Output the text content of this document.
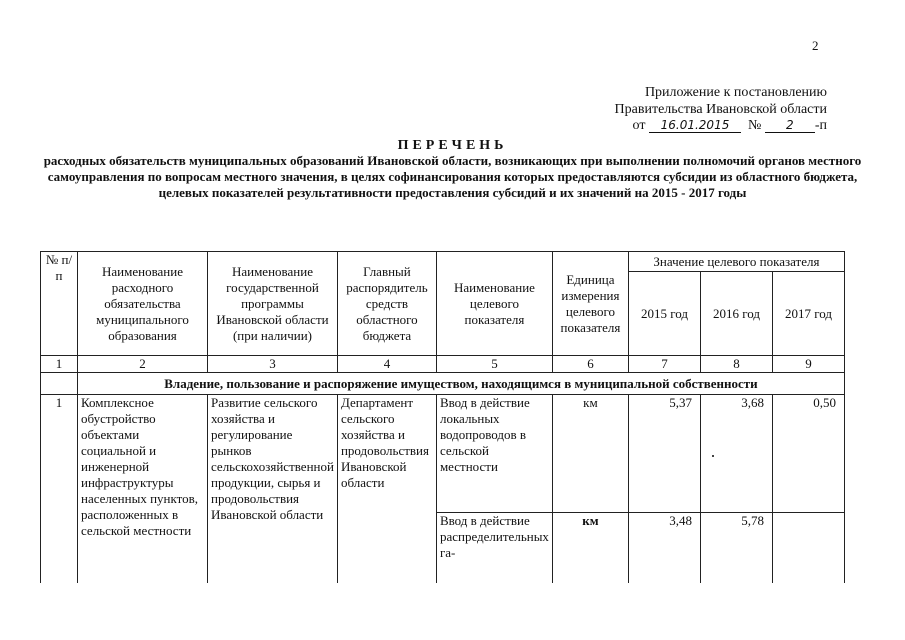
2
Приложение к постановлению
Правительства Ивановской области
от 16.01.2015 № 2 -п
ПЕРЕЧЕНЬ
расходных обязательств муниципальных образований Ивановской области, возникающих при выполнении полномочий органов местного самоуправления по вопросам местного значения, в целях софинансирования которых предоставляются субсидии из областного бюджета, целевых показателей результативности предоставления субсидий и их значений на 2015 - 2017 годы
№ п/п	Наименование расходного обязательства муниципального образования	Наименование государственной программы Ивановской области (при наличии)	Главный распорядитель средств областного бюджета	Наименование целевого показателя	Единица измерения целевого показателя	Значение целевого показателя		
						2015 год	2016 год	2017 год
1	2	3	4	5	6	7	8	9
	Владение, пользование и распоряжение имуществом, находящимся в муниципальной собственности							
1	Комплексное обустройство объектами социальной и инженерной инфраструктуры населенных пунктов, расположенных в сельской местности	Развитие сельского хозяйства и регулирование рынков сельскохозяйственной продукции, сырья и продовольствия Ивановской области	Департамент сельского хозяйства и продовольствия Ивановской области	Ввод в действие локальных водопроводов в сельской местности	км	5,37	3,68	0,50
				Ввод в действие распределительных га-	км	3,48	5,78	
